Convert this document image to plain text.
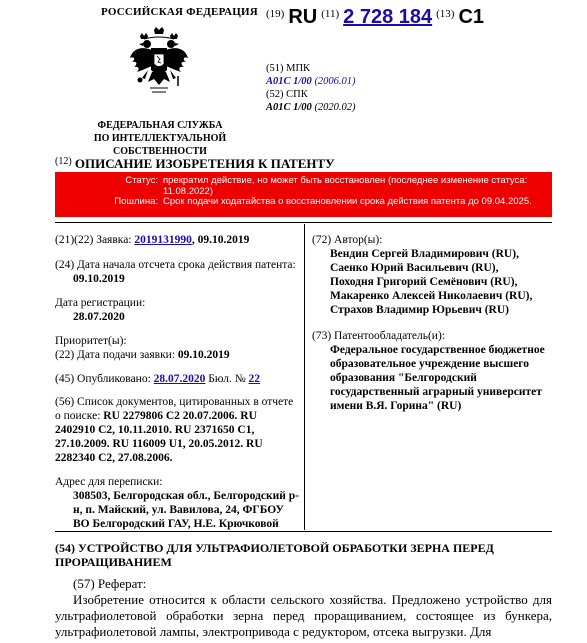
РОССИЙСКАЯ ФЕДЕРАЦИЯ
ФЕДЕРАЛЬНАЯ СЛУЖБА
ПО ИНТЕЛЛЕКТУАЛЬНОЙ СОБСТВЕННОСТИ
$^{(19)}$ RU $^{(11)}$ 2 728 184 $^{(13)}$ C1
(51) МПК
A01C 1/00 (2006.01)
(52) СПК
A01C 1/00 (2020.02)
$^{(12)}$ ОПИСАНИЕ ИЗОБРЕТЕНИЯ К ПАТЕНТУ
Статус: прекратил действие, но может быть восстановлен (последнее изменение статуса: 11.08.2022)
Пошлина: Срок подачи ходатайства о восстановлении срока действия патента до 09.04.2025.

(21)(22) Заявка: 2019131990, 09.10.2019

(24) Дата начала отсчета срока действия патента:
09.10.2019

Дата регистрации:
28.07.2020

Приоритет(ы):

(22) Дата подачи заявки: 09.10.2019

(45) Опубликовано: 28.07.2020 Бюл. № 22

(56) Список документов, цитированных в отчете о поиске: RU 2279806 C2 20.07.2006. RU 2402910 C2, 10.11.2010. RU 2371650 C1, 27.10.2009. RU 116009 U1, 20.05.2012. RU 2282340 C2, 27.08.2006.

Адрес для переписки:

308503, Белгородская обл., Белгородский р-н, п. Майский, ул. Вавилова, 24, ФГБОУ ВО Белгородский ГАУ, Н.Е. Крючковой

(72) Автор(ы):

Вендин Сергей Владимирович (RU),
Саенко Юрий Васильевич (RU),
Походня Григорий Семёнович (RU),
Макаренко Алексей Николаевич (RU),
Страхов Владимир Юрьевич (RU)

(73) Патентообладатель(и):

Федеральное государственное бюджетное образовательное учреждение высшего образования "Белгородский государственный аграрный университет имени В.Я. Горина" (RU)

(54) УСТРОЙСТВО ДЛЯ УЛЬТРАФИОЛЕТОВОЙ ОБРАБОТКИ ЗЕРНА ПЕРЕД ПРОРАЩИВАНИЕМ
(57) Реферат:
Изобретение относится к области сельского хозяйства. Предложено устройство для ультрафиолетовой обработки зерна перед проращиванием, состоящее из бункера, ультрафиолетовой лампы, электропривода с редуктором, отсека выгрузки. Для
